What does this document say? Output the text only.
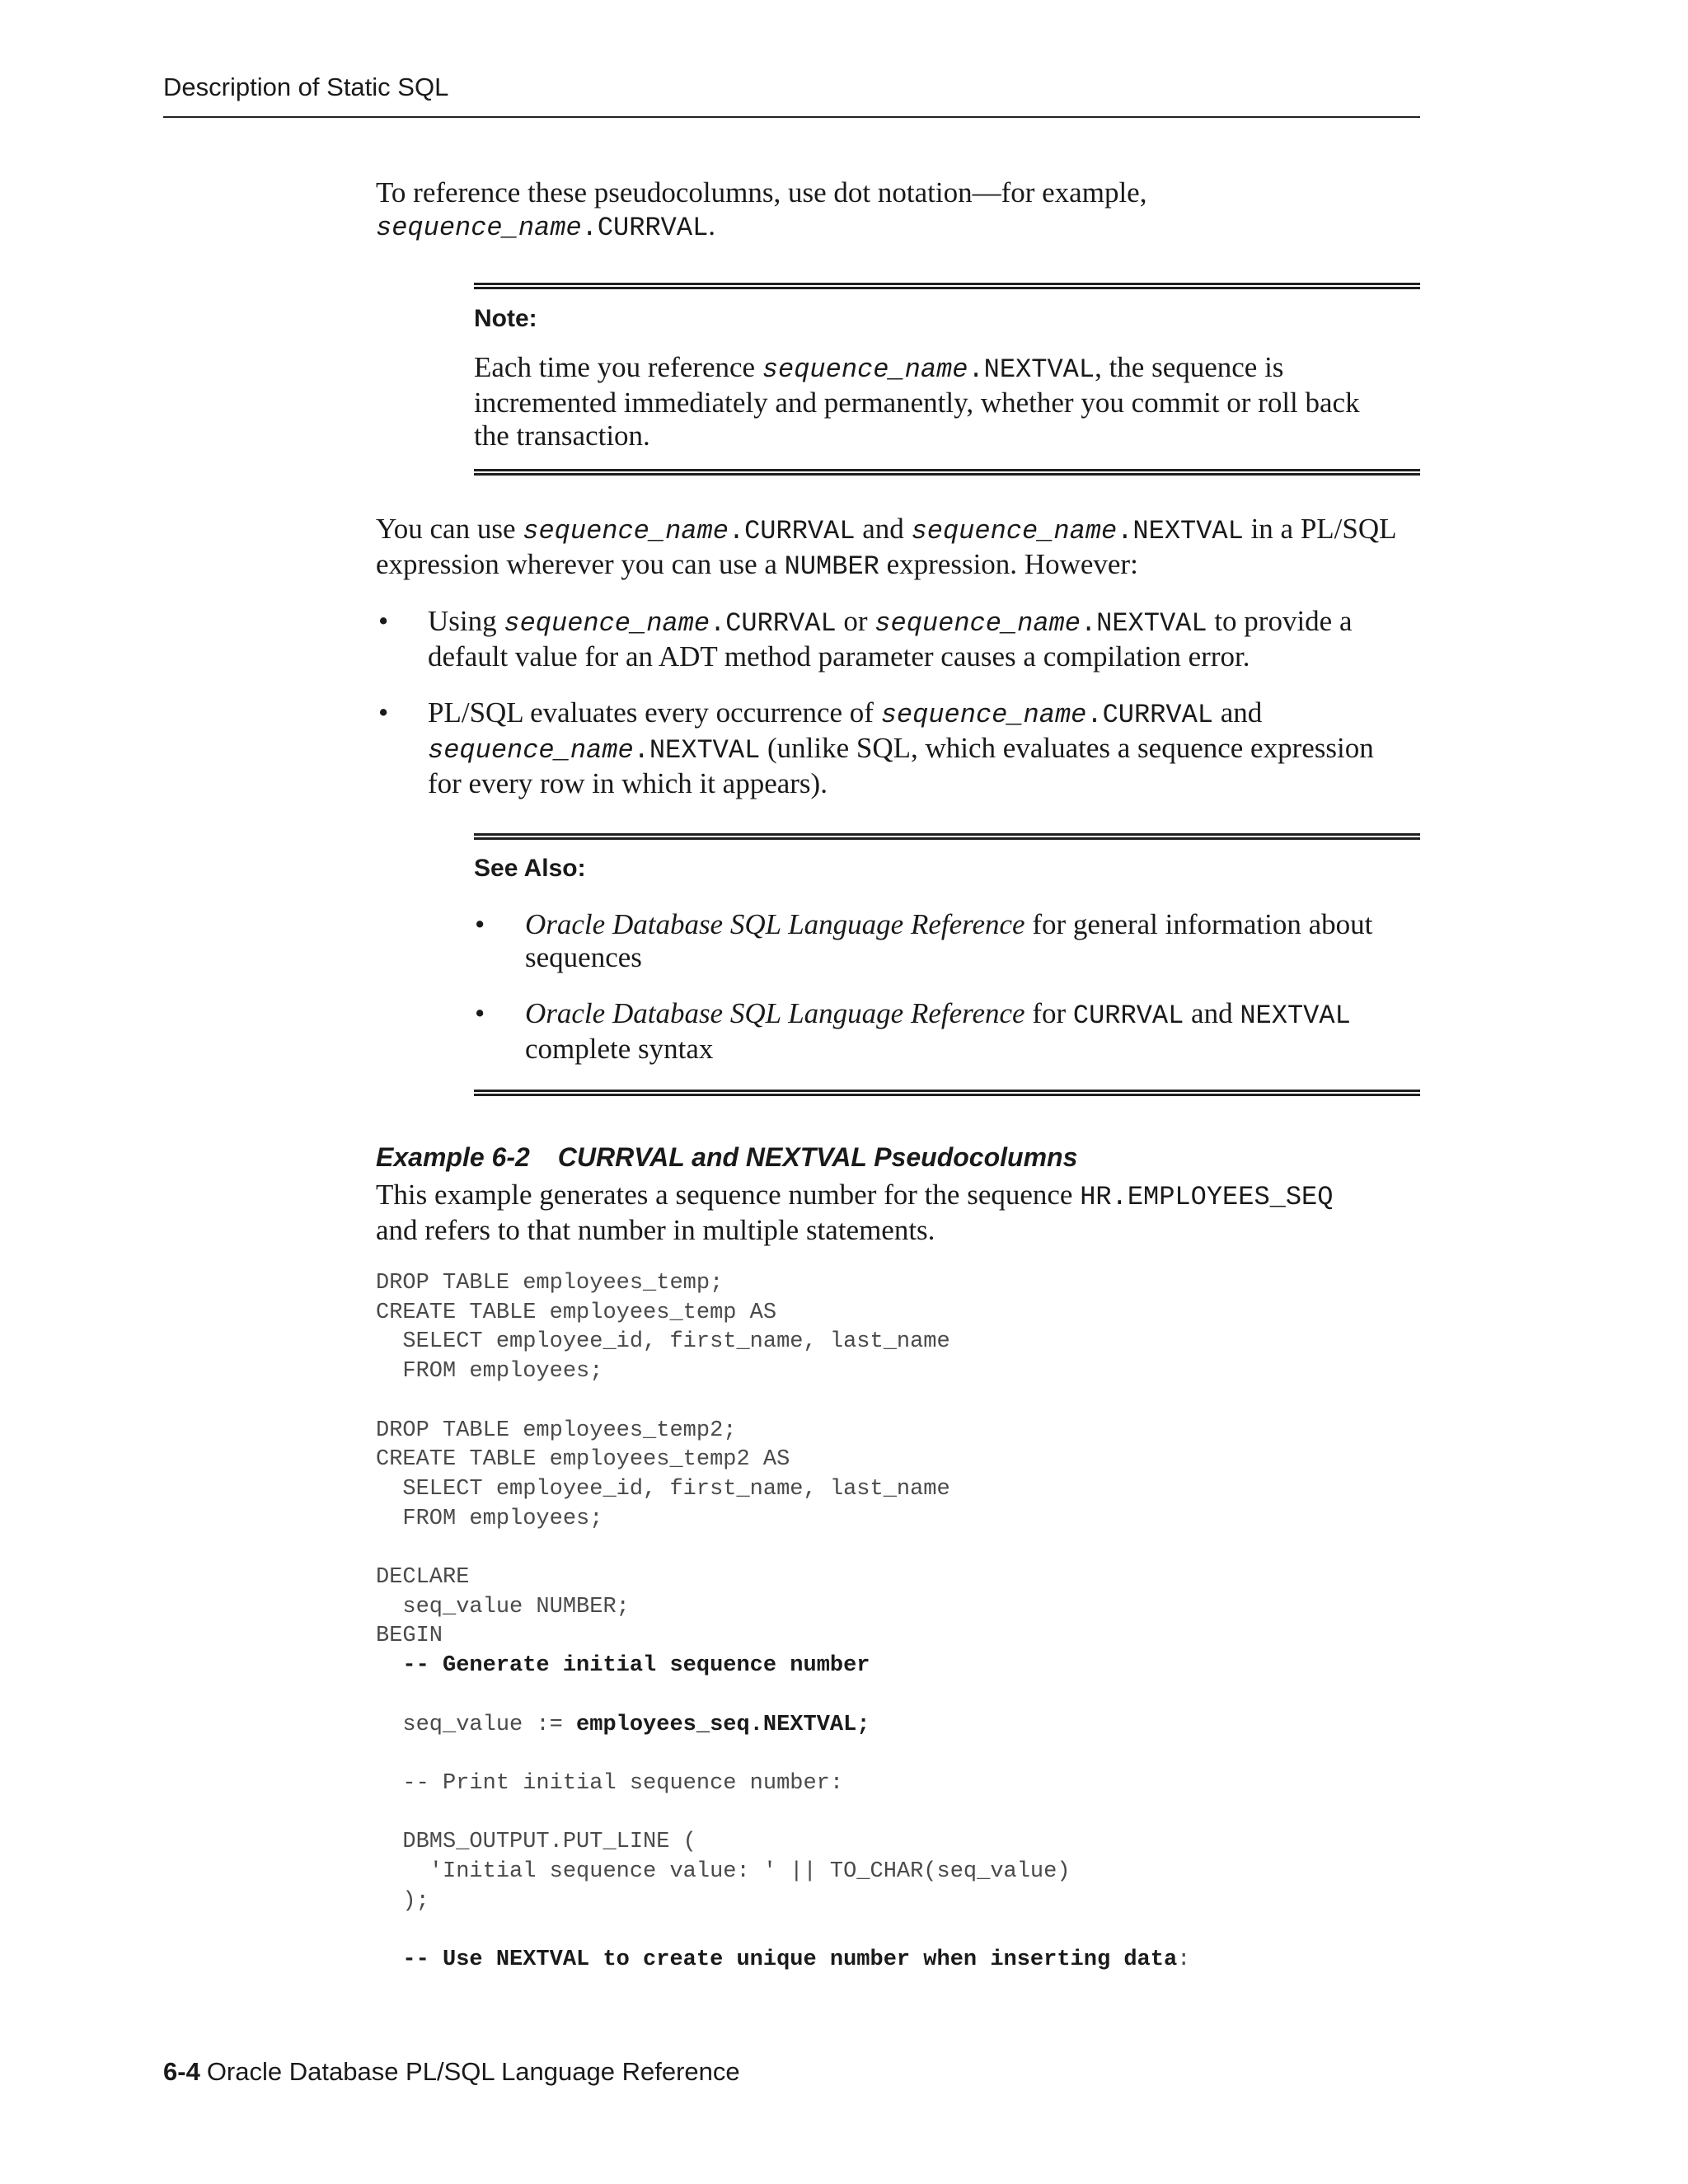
Description of Static SQL
To reference these pseudocolumns, use dot notation—for example,
sequence_name.CURRVAL.
Note:
Each time you reference sequence_name.NEXTVAL, the sequence is
incremented immediately and permanently, whether you commit or roll back
the transaction.
You can use sequence_name.CURRVAL and sequence_name.NEXTVAL in a PL/SQL
expression wherever you can use a NUMBER expression. However:
• Using sequence_name.CURRVAL or sequence_name.NEXTVAL to provide a
default value for an ADT method parameter causes a compilation error.
• PL/SQL evaluates every occurrence of sequence_name.CURRVAL and
sequence_name.NEXTVAL (unlike SQL, which evaluates a sequence expression
for every row in which it appears).
See Also:
• Oracle Database SQL Language Reference for general information about
sequences
• Oracle Database SQL Language Reference for CURRVAL and NEXTVAL
complete syntax
Example 6-2 CURRVAL and NEXTVAL Pseudocolumns
This example generates a sequence number for the sequence HR.EMPLOYEES_SEQ
and refers to that number in multiple statements.
DROP TABLE employees_temp;
CREATE TABLE employees_temp AS
SELECT employee_id, first_name, last_name
FROM employees;

DROP TABLE employees_temp2;
CREATE TABLE employees_temp2 AS
SELECT employee_id, first_name, last_name
FROM employees;

DECLARE
seq_value NUMBER;
BEGIN
-- Generate initial sequence number

seq_value := employees_seq.NEXTVAL;

-- Print initial sequence number:

DBMS_OUTPUT.PUT_LINE (
'Initial sequence value: ' || TO_CHAR(seq_value)
);

-- Use NEXTVAL to create unique number when inserting data:
6-4 Oracle Database PL/SQL Language Reference
